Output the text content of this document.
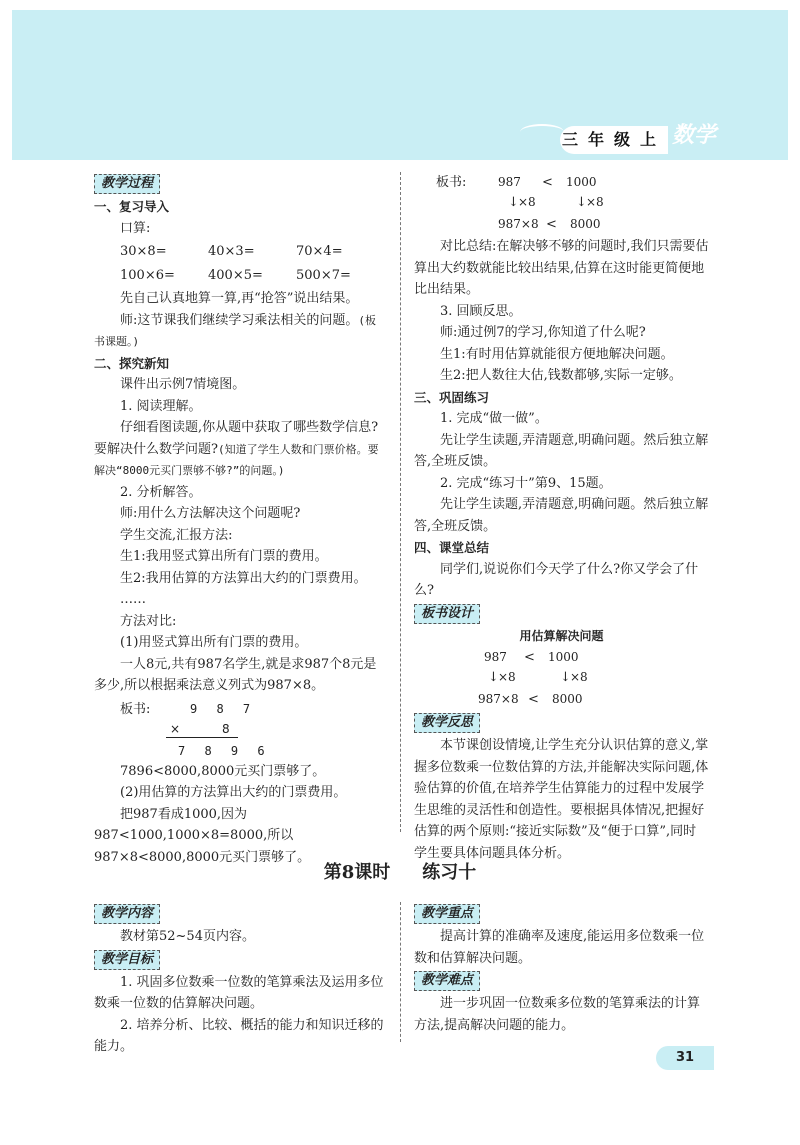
三年级上 数学

教学过程

一、复习导入

口算:

30×8=	40×3=	70×4=
100×6=	400×5=	500×7=

先自己认真地算一算,再“抢答”说出结果。

师:这节课我们继续学习乘法相关的问题。(板书课题。)

二、探究新知

课件出示例7情境图。

1. 阅读理解。

仔细看图读题,你从题中获取了哪些数学信息?要解决什么数学问题?(知道了学生人数和门票价格。要解决“8000元买门票够不够?”的问题。)

2. 分析解答。

师:用什么方法解决这个问题呢?

学生交流,汇报方法:

生1:我用竖式算出所有门票的费用。

生2:我用估算的方法算出大约的门票费用。

……

方法对比:

(1)用竖式算出所有门票的费用。

一人8元,共有987名学生,就是求987个8元是多少,所以根据乘法意义列式为987×8。

板书:	9 8 7
×	8
7 8 9 6

7896<8000,8000元买门票够了。

(2)用估算的方法算出大约的门票费用。

把987看成1000,因为987<1000,1000×8=8000,所以987×8<8000,8000元买门票够了。

板书:	987 < 1000
↓ ×8	↓ ×8
987×8 < 8000

对比总结:在解决够不够的问题时,我们只需要估算出大约数就能比较出结果,估算在这时能更简便地比出结果。

3. 回顾反思。

师:通过例7的学习,你知道了什么呢?

生1:有时用估算就能很方便地解决问题。

生2:把人数往大估,钱数都够,实际一定够。

三、巩固练习

1. 完成“做一做”。

先让学生读题,弄清题意,明确问题。然后独立解答,全班反馈。

2. 完成“练习十”第9、15题。

先让学生读题,弄清题意,明确问题。然后独立解答,全班反馈。

四、课堂总结

同学们,说说你们今天学了什么?你又学会了什么?

板书设计

用估算解决问题

987 < 1000
↓ ×8	↓ ×8
987×8 < 8000

教学反思

本节课创设情境,让学生充分认识估算的意义,掌握多位数乘一位数估算的方法,并能解决实际问题,体验估算的价值,在培养学生估算能力的过程中发展学生思维的灵活性和创造性。要根据具体情况,把握好估算的两个原则:“接近实际数”及“便于口算”,同时学生要具体问题具体分析。

第8课时 练习十

教学内容

教材第52~54页内容。

教学目标

1. 巩固多位数乘一位数的笔算乘法及运用多位数乘一位数的估算解决问题。

2. 培养分析、比较、概括的能力和知识迁移的能力。

教学重点

提高计算的准确率及速度,能运用多位数乘一位数和估算解决问题。

教学难点

进一步巩固一位数乘多位数的笔算乘法的计算方法,提高解决问题的能力。

31
